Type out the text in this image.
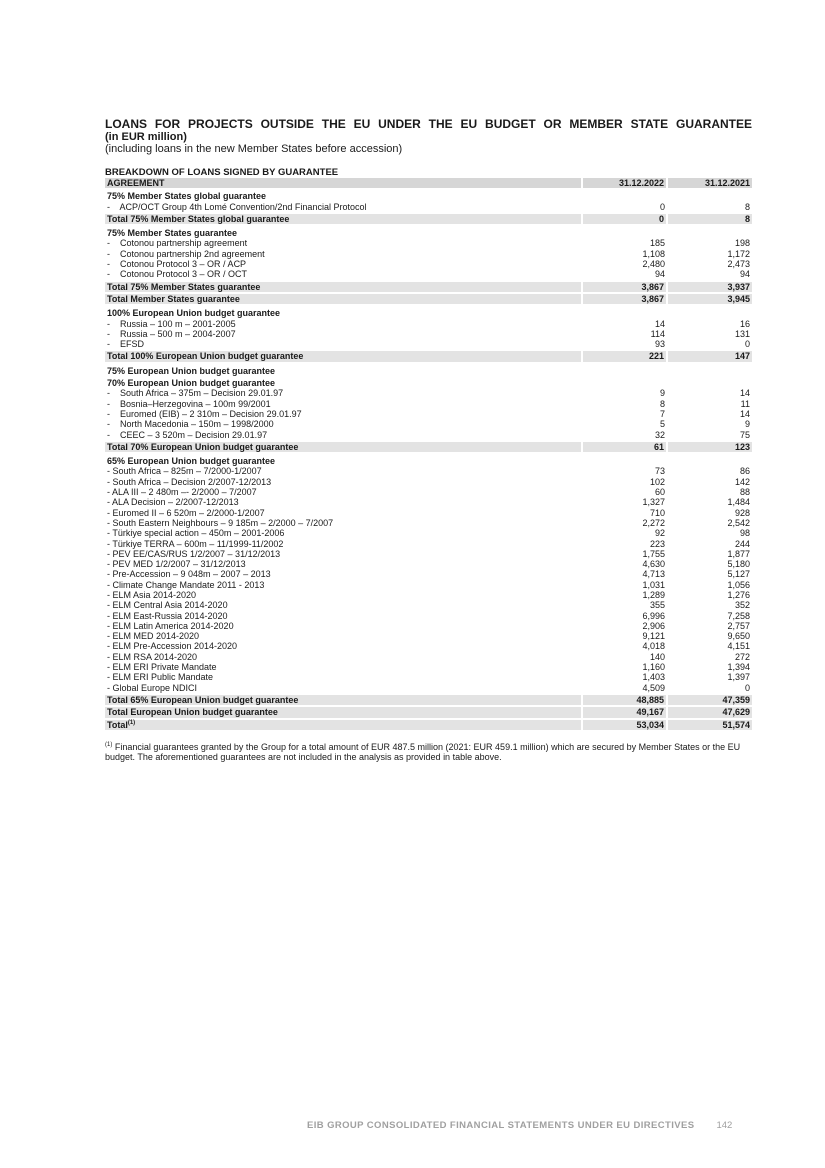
LOANS FOR PROJECTS OUTSIDE THE EU UNDER THE EU BUDGET OR MEMBER STATE GUARANTEE
(in EUR million)
(including loans in the new Member States before accession)
BREAKDOWN OF LOANS SIGNED BY GUARANTEE
AGREEMENT	31.12.2022	31.12.2021
75% Member States global guarantee		
-    ACP/OCT Group 4th Lomé Convention/2nd Financial Protocol	0	8
Total 75% Member States global guarantee	0	8
75% Member States guarantee		
-    Cotonou partnership agreement	185	198
-    Cotonou partnership 2nd agreement	1,108	1,172
-    Cotonou Protocol 3 – OR / ACP	2,480	2,473
-    Cotonou Protocol 3 – OR / OCT	94	94
Total 75% Member States guarantee	3,867	3,937
Total Member States guarantee	3,867	3,945
100% European Union budget guarantee		
-    Russia – 100 m – 2001-2005	14	16
-    Russia – 500 m – 2004-2007	114	131
-    EFSD	93	0
Total 100% European Union budget guarantee	221	147
75% European Union budget guarantee		
70% European Union budget guarantee		
-    South Africa – 375m – Decision 29.01.97	9	14
-    Bosnia–Herzegovina – 100m 99/2001	8	11
-    Euromed (EIB) – 2 310m – Decision 29.01.97	7	14
-    North Macedonia – 150m – 1998/2000	5	9
-    CEEC – 3 520m – Decision 29.01.97	32	75
Total 70% European Union budget guarantee	61	123
65% European Union budget guarantee		
- South Africa – 825m – 7/2000-1/2007	73	86
- South Africa – Decision 2/2007-12/2013	102	142
- ALA III – 2 480m –- 2/2000 – 7/2007	60	88
- ALA Decision – 2/2007-12/2013	1,327	1,484
- Euromed II – 6 520m – 2/2000-1/2007	710	928
- South Eastern Neighbours – 9 185m – 2/2000 – 7/2007	2,272	2,542
- Türkiye special action – 450m – 2001-2006	92	98
- Türkiye TERRA – 600m – 11/1999-11/2002	223	244
- PEV EE/CAS/RUS 1/2/2007 – 31/12/2013	1,755	1,877
- PEV MED 1/2/2007 – 31/12/2013	4,630	5,180
- Pre-Accession – 9 048m – 2007 – 2013	4,713	5,127
- Climate Change Mandate 2011 - 2013	1,031	1,056
- ELM Asia 2014-2020	1,289	1,276
- ELM Central Asia 2014-2020	355	352
- ELM East-Russia 2014-2020	6,996	7,258
- ELM Latin America 2014-2020	2,906	2,757
- ELM MED 2014-2020	9,121	9,650
- ELM Pre-Accession 2014-2020	4,018	4,151
- ELM RSA 2014-2020	140	272
- ELM ERI Private Mandate	1,160	1,394
- ELM ERI Public Mandate	1,403	1,397
- Global Europe NDICI	4,509	0
Total 65% European Union budget guarantee	48,885	47,359
Total European Union budget guarantee	49,167	47,629
Total$^{(1)}$	53,034	51,574
$^{(1)}$ Financial guarantees granted by the Group for a total amount of EUR 487.5 million (2021: EUR 459.1 million) which are secured by Member States or the EU budget. The aforementioned guarantees are not included in the analysis as provided in table above.
EIB GROUP CONSOLIDATED FINANCIAL STATEMENTS UNDER EU DIRECTIVES 142
